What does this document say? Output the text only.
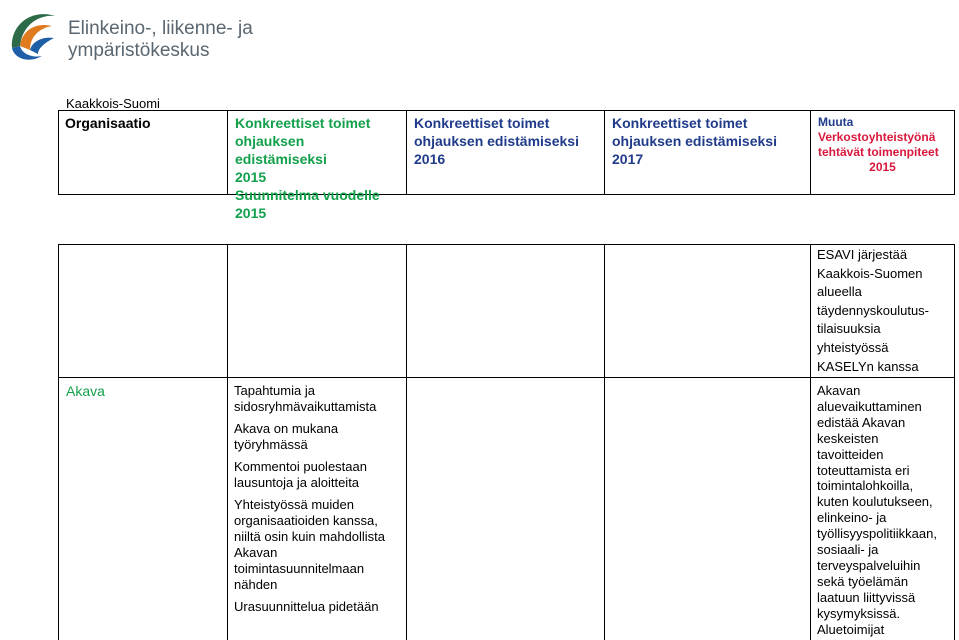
Elinkeino-, liikenne- ja
ympäristökeskus
Kaakkois-Suomi
Organisaatio	Konkreettiset toimet
ohjauksen edistämiseksi
2015
Suunnitelma vuodelle
2015
Konkreettiset toimet
ohjauksen edistämiseksi
2016
Konkreettiset toimet
ohjauksen edistämiseksi
2017
Muuta
Verkostoyhteistyönä
tehtävät toimenpiteet
2015
ESAVI järjestää
Kaakkois-Suomen
alueella
täydennyskoulutus-
tilaisuuksia
yhteistyössä
KASELYn kanssa
Akava	Tapahtumia ja
sidosryhmävaikuttamista
Akava on mukana
työryhmässä
Kommentoi puolestaan
lausuntoja ja aloitteita
Yhteistyössä muiden
organisaatioiden kanssa,
niiltä osin kuin mahdollista
Akavan
toimintasuunnitelmaan
nähden
Urasuunnittelua pidetään
Akavan
aluevaikuttaminen
edistää Akavan
keskeisten
tavoitteiden
toteuttamista eri
toimintalohkoilla,
kuten koulutukseen,
elinkeino- ja
työllisyyspolitiikkaan,
sosiaali- ja
terveyspalveluihin
sekä työelämän
laatuun liittyvissä
kysymyksissä.
Aluetoimijat
